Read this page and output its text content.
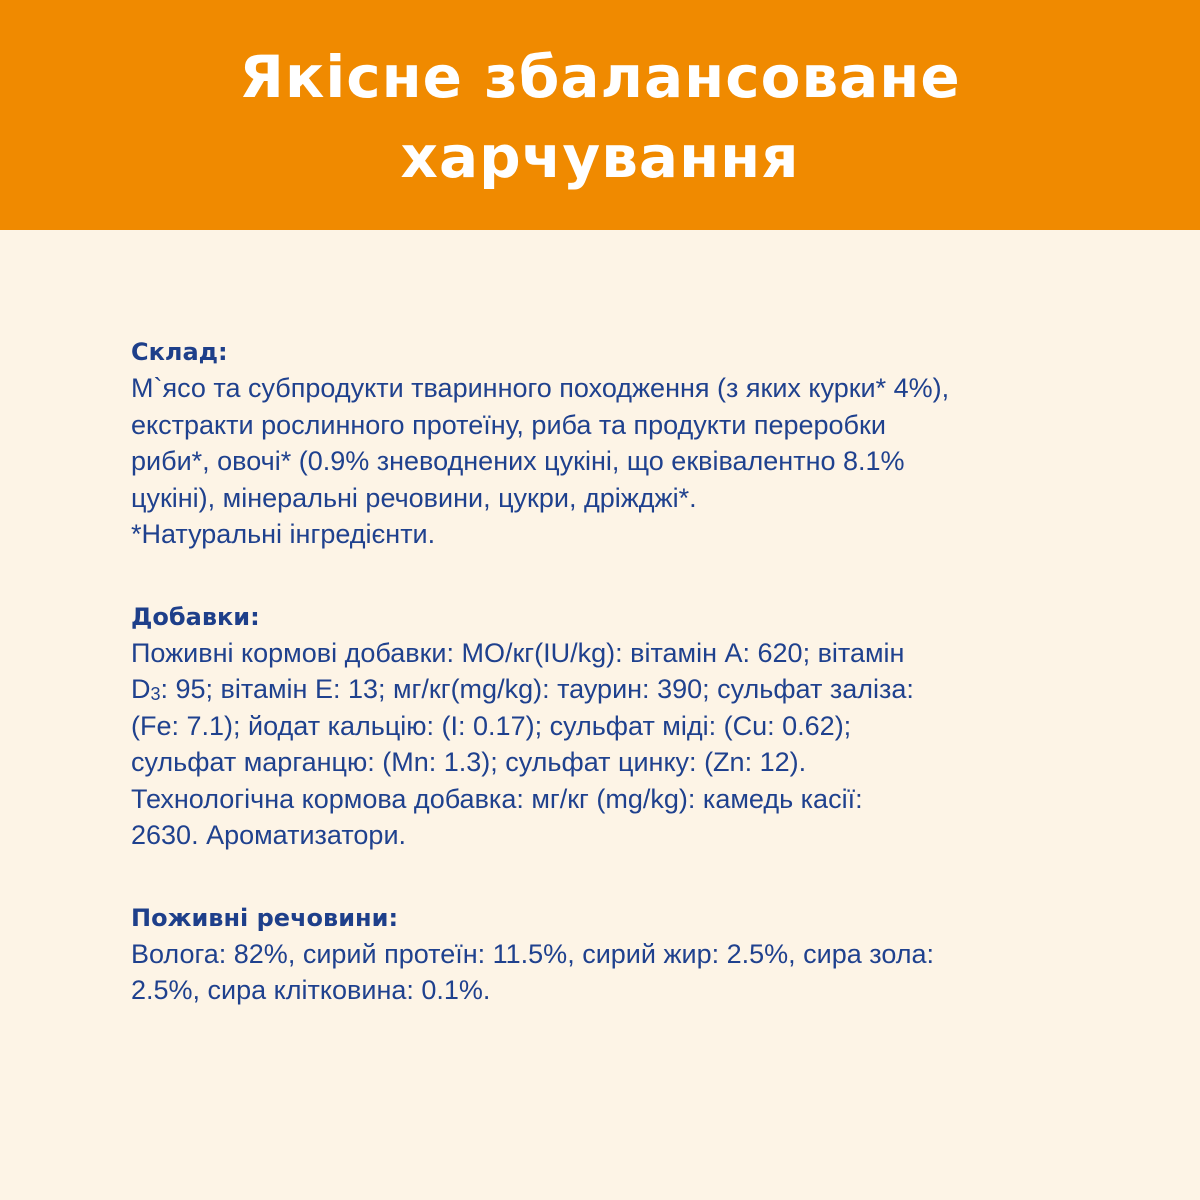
Якісне збалансоване
харчування
Склад:

М`ясо та субпродукти тваринного походження (з яких курки* 4%),
екстракти рослинного протеїну, риба та продукти переробки
риби*, овочі* (0.9% зневоднених цукіні, що еквівалентно 8.1%
цукіні), мінеральні речовини, цукри, дріжджі*.
*Натуральні інгредієнти.

Добавки:

Поживні кормові добавки: МО/кг(IU/kg): вітамін А: 620; вітамін
$D_3$: 95; вітамін Е: 13; мг/кг(mg/kg): таурин: 390; сульфат заліза:
(Fe: 7.1); йодат кальцію: (I: 0.17); сульфат міді: (Cu: 0.62);
сульфат марганцю: (Mn: 1.3); сульфат цинку: (Zn: 12).
Технологічна кормова добавка: мг/кг (mg/kg): камедь касії:
2630. Ароматизатори.

Поживні речовини:

Волога: 82%, сирий протеїн: 11.5%, сирий жир: 2.5%, сира зола:
2.5%, сира клітковина: 0.1%.
